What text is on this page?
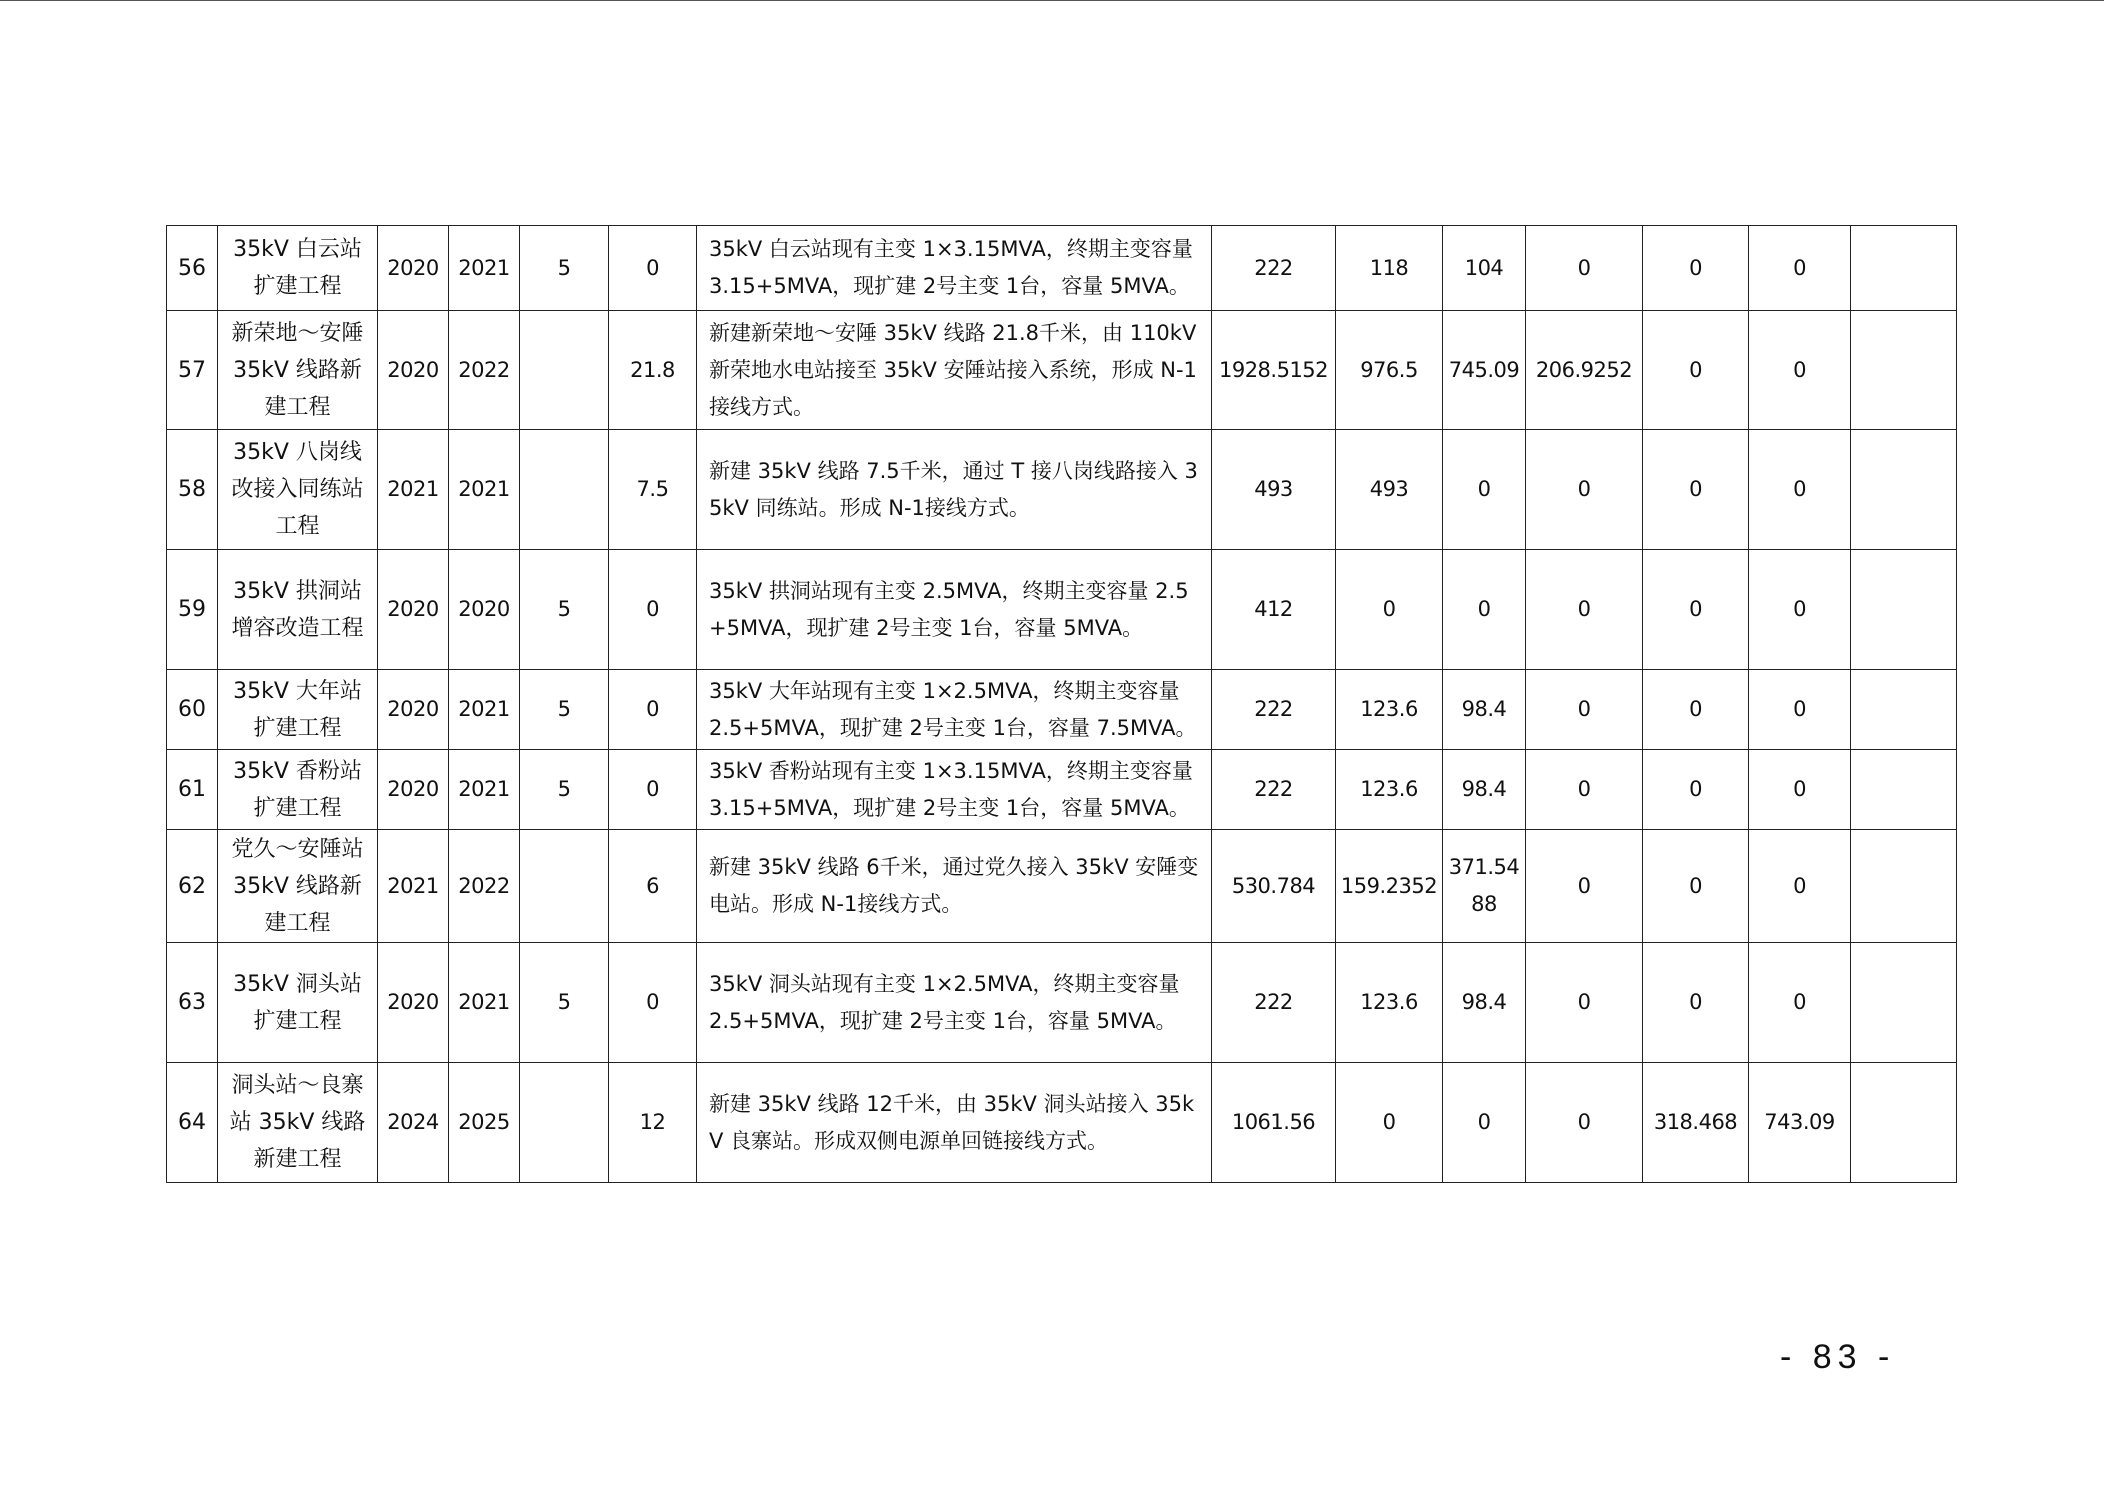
56	35kV 白云站扩建工程	2020	2021	5	0	35kV 白云站现有主变 1×3.15MVA，终期主变容量 3.15+5MVA，现扩建 2号主变 1台，容量 5MVA。	222	118	104	0	0	0	
57	新荣地～安陲 35kV 线路新建工程	2020	2022		21.8	新建新荣地～安陲 35kV 线路 21.8千米，由 110kV 新荣地水电站接至 35kV 安陲站接入系统，形成 N-1接线方式。	1928.5152	976.5	745.09	206.9252	0	0	
58	35kV 八岗线改接入同练站工程	2021	2021		7.5	新建 35kV 线路 7.5千米，通过 T 接八岗线路接入 35kV 同练站。形成 N-1接线方式。	493	493	0	0	0	0	
59	35kV 拱洞站增容改造工程	2020	2020	5	0	35kV 拱洞站现有主变 2.5MVA，终期主变容量 2.5+5MVA，现扩建 2号主变 1台，容量 5MVA。	412	0	0	0	0	0	
60	35kV 大年站扩建工程	2020	2021	5	0	35kV 大年站现有主变 1×2.5MVA，终期主变容量 2.5+5MVA，现扩建 2号主变 1台，容量 7.5MVA。	222	123.6	98.4	0	0	0	
61	35kV 香粉站扩建工程	2020	2021	5	0	35kV 香粉站现有主变 1×3.15MVA，终期主变容量 3.15+5MVA，现扩建 2号主变 1台，容量 5MVA。	222	123.6	98.4	0	0	0	
62	党久～安陲站 35kV 线路新建工程	2021	2022		6	新建 35kV 线路 6千米，通过党久接入 35kV 安陲变电站。形成 N-1接线方式。	530.784	159.2352	371.5488	0	0	0	
63	35kV 洞头站扩建工程	2020	2021	5	0	35kV 洞头站现有主变 1×2.5MVA，终期主变容量 2.5+5MVA，现扩建 2号主变 1台，容量 5MVA。	222	123.6	98.4	0	0	0	
64	洞头站～良寨站 35kV 线路新建工程	2024	2025		12	新建 35kV 线路 12千米，由 35kV 洞头站接入 35kV 良寨站。形成双侧电源单回链接线方式。	1061.56	0	0	0	318.468	743.09	
- 83 -
